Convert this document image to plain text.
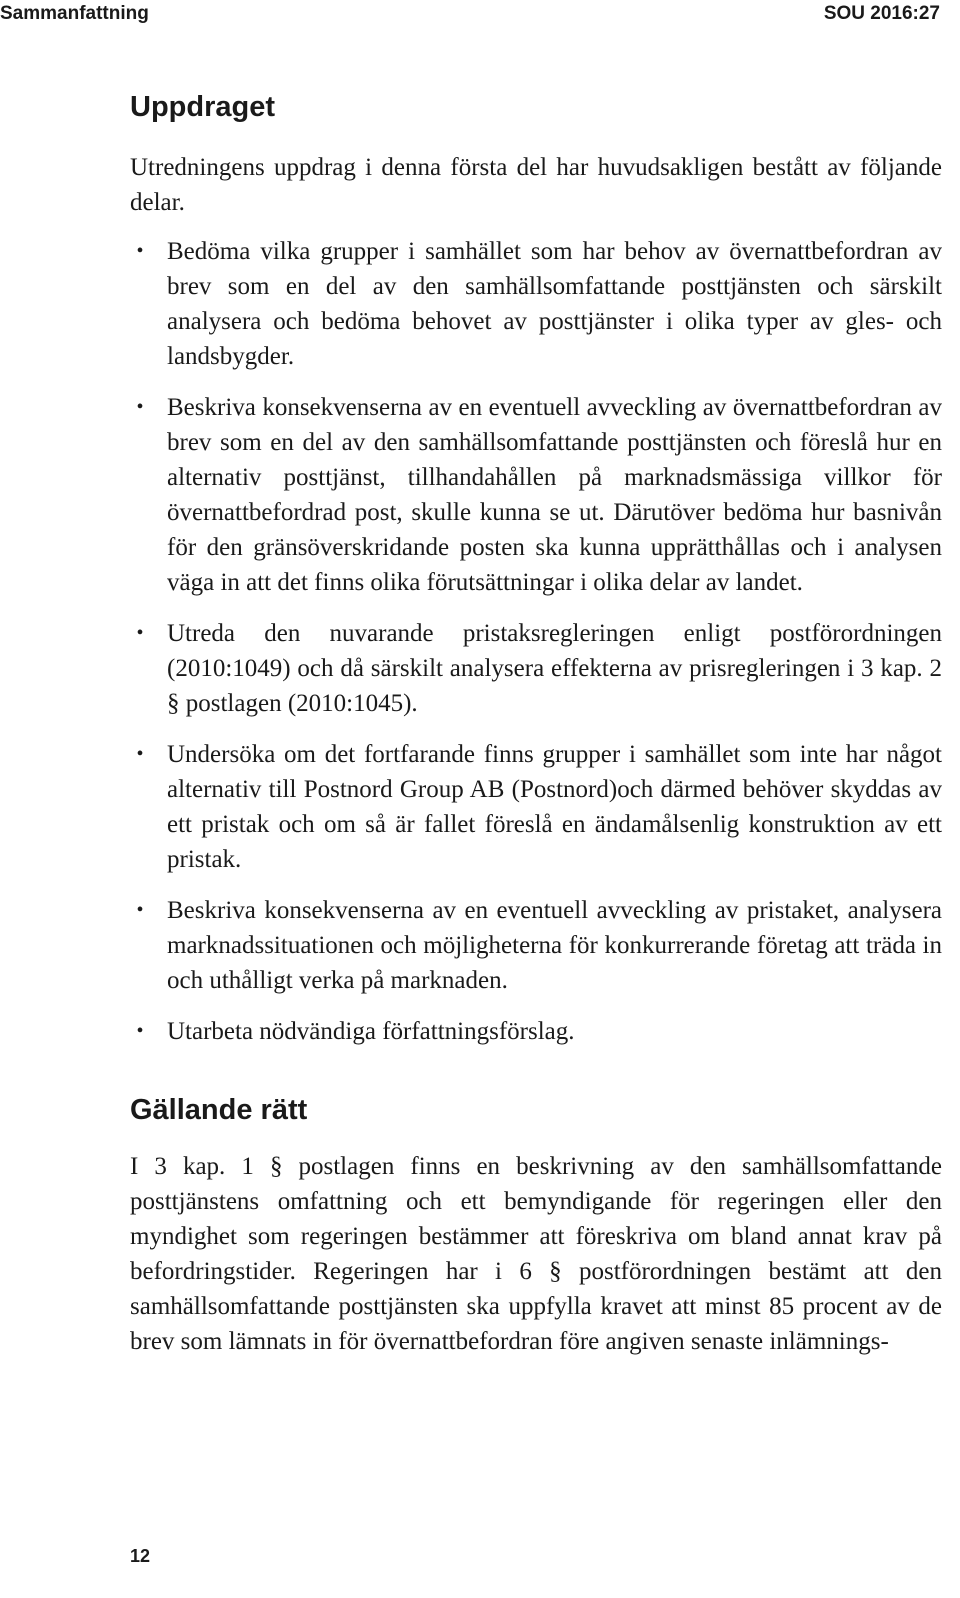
Sammanfattning	SOU 2016:27
Uppdraget

Utredningens uppdrag i denna första del har huvudsakligen bestått av följande delar.

• Bedöma vilka grupper i samhället som har behov av övernattbefordran av brev som en del av den samhällsomfattande posttjänsten och särskilt analysera och bedöma behovet av posttjänster i olika typer av gles- och landsbygder.
• Beskriva konsekvenserna av en eventuell avveckling av övernattbefordran av brev som en del av den samhällsomfattande posttjänsten och föreslå hur en alternativ posttjänst, tillhandahållen på marknadsmässiga villkor för övernattbefordrad post, skulle kunna se ut. Därutöver bedöma hur basnivån för den gränsöverskridande posten ska kunna upprätthållas och i analysen väga in att det finns olika förutsättningar i olika delar av landet.
• Utreda den nuvarande pristaksregleringen enligt postförordningen (2010:1049) och då särskilt analysera effekterna av prisregleringen i 3 kap. 2 § postlagen (2010:1045).
• Undersöka om det fortfarande finns grupper i samhället som inte har något alternativ till Postnord Group AB (Postnord)och därmed behöver skyddas av ett pristak och om så är fallet föreslå en ändamålsenlig konstruktion av ett pristak.
• Beskriva konsekvenserna av en eventuell avveckling av pristaket, analysera marknadssituationen och möjligheterna för konkurrerande företag att träda in och uthålligt verka på marknaden.
• Utarbeta nödvändiga författningsförslag.
Gällande rätt

I 3 kap. 1 § postlagen finns en beskrivning av den samhällsomfattande posttjänstens omfattning och ett bemyndigande för regeringen eller den myndighet som regeringen bestämmer att föreskriva om bland annat krav på befordringstider. Regeringen har i 6 § postförordningen bestämt att den samhällsomfattande posttjänsten ska uppfylla kravet att minst 85 procent av de brev som lämnats in för övernattbefordran före angiven senaste inlämnings-

12
